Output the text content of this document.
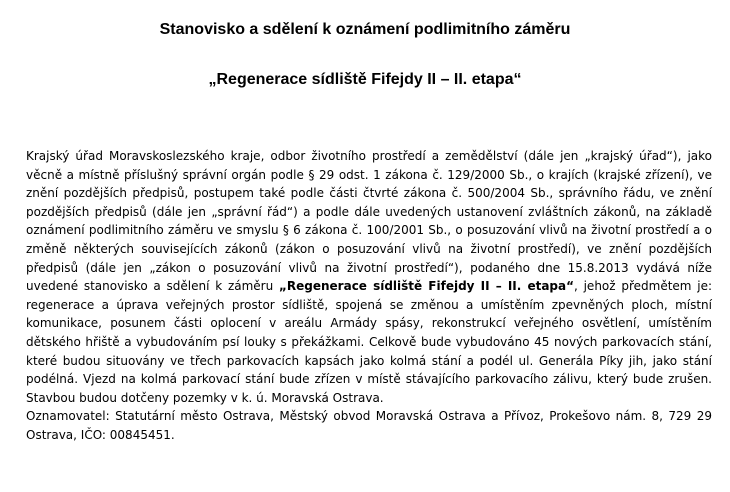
Stanovisko a sdělení k oznámení podlimitního záměru
„Regenerace sídliště Fifejdy II – II. etapa“

Krajský úřad Moravskoslezského kraje, odbor životního prostředí a zemědělství (dále jen „krajský úřad“), jako věcně a místně příslušný správní orgán podle § 29 odst. 1 zákona č. 129/2000 Sb., o krajích (krajské zřízení), ve znění pozdějších předpisů, postupem také podle části čtvrté zákona č. 500/2004 Sb., správního řádu, ve znění pozdějších předpisů (dále jen „správní řád“) a podle dále uvedených ustanovení zvláštních zákonů, na základě oznámení podlimitního záměru ve smyslu § 6 zákona č. 100/2001 Sb., o posuzování vlivů na životní prostředí a o změně některých souvisejících zákonů (zákon o posuzování vlivů na životní prostředí), ve znění pozdějších předpisů (dále jen „zákon o posuzování vlivů na životní prostředí“), podaného dne 15.8.2013 vydává níže uvedené stanovisko a sdělení k záměru „Regenerace sídliště Fifejdy II – II. etapa“, jehož předmětem je: regenerace a úprava veřejných prostor sídliště, spojená se změnou a umístěním zpevněných ploch, místní komunikace, posunem části oplocení v areálu Armády spásy, rekonstrukcí veřejného osvětlení, umístěním dětského hřiště a vybudováním psí louky s překážkami. Celkově bude vybudováno 45 nových parkovacích stání, které budou situovány ve třech parkovacích kapsách jako kolmá stání a podél ul. Generála Píky jih, jako stání podélná. Vjezd na kolmá parkovací stání bude zřízen v místě stávajícího parkovacího zálivu, který bude zrušen. Stavbou budou dotčeny pozemky v k. ú. Moravská Ostrava.

Oznamovatel: Statutární město Ostrava, Městský obvod Moravská Ostrava a Přívoz, Prokešovo nám. 8, 729 29 Ostrava, IČO: 00845451.
